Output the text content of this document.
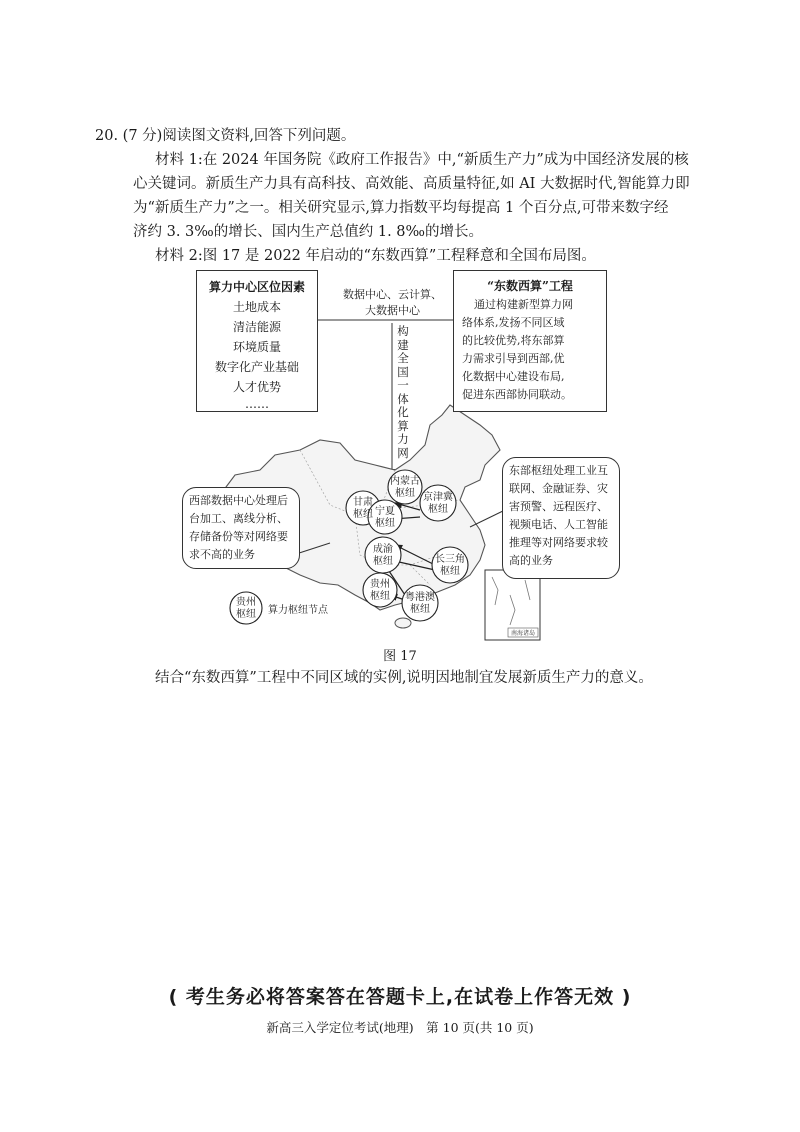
20. (7 分)阅读图文资料,回答下列问题。
材料 1:在 2024 年国务院《政府工作报告》中,“新质生产力”成为中国经济发展的核
心关键词。新质生产力具有高科技、高效能、高质量特征,如 AI 大数据时代,智能算力即
为“新质生产力”之一。相关研究显示,算力指数平均每提高 1 个百分点,可带来数字经
济约 3. 3‰的增长、国内生产总值约 1. 8‰的增长。
材料 2:图 17 是 2022 年启动的“东数西算”工程释意和全国布局图。
内蒙古
枢纽 京津冀
枢纽
甘肃
枢纽 宁夏
枢纽
长三角
枢纽
成渝
枢纽
贵州
枢纽 粤港澳
枢纽
贵州
枢纽 算力枢纽节点
南海诸岛
算力中心区位因素
土地成本
清洁能源
环境质量
数字化产业基础
人才优势
……
数据中心、云计算、
大数据中心
构
建
全
国
一
体
化
算
力
网
“东数西算”工程
通过构建新型算力网
络体系,发扬不同区域
的比较优势,将东部算
力需求引导到西部,优
化数据中心建设布局,
促进东西部协同联动。
西部数据中心处理后
台加工、离线分析、
存储备份等对网络要
求不高的业务
东部枢纽处理工业互
联网、金融证券、灾
害预警、远程医疗、
视频电话、人工智能
推理等对网络要求较
高的业务
图 17
结合“东数西算”工程中不同区域的实例,说明因地制宜发展新质生产力的意义。
( 考生务必将答案答在答题卡上,在试卷上作答无效 )
新高三入学定位考试(地理)　第 10 页(共 10 页)
